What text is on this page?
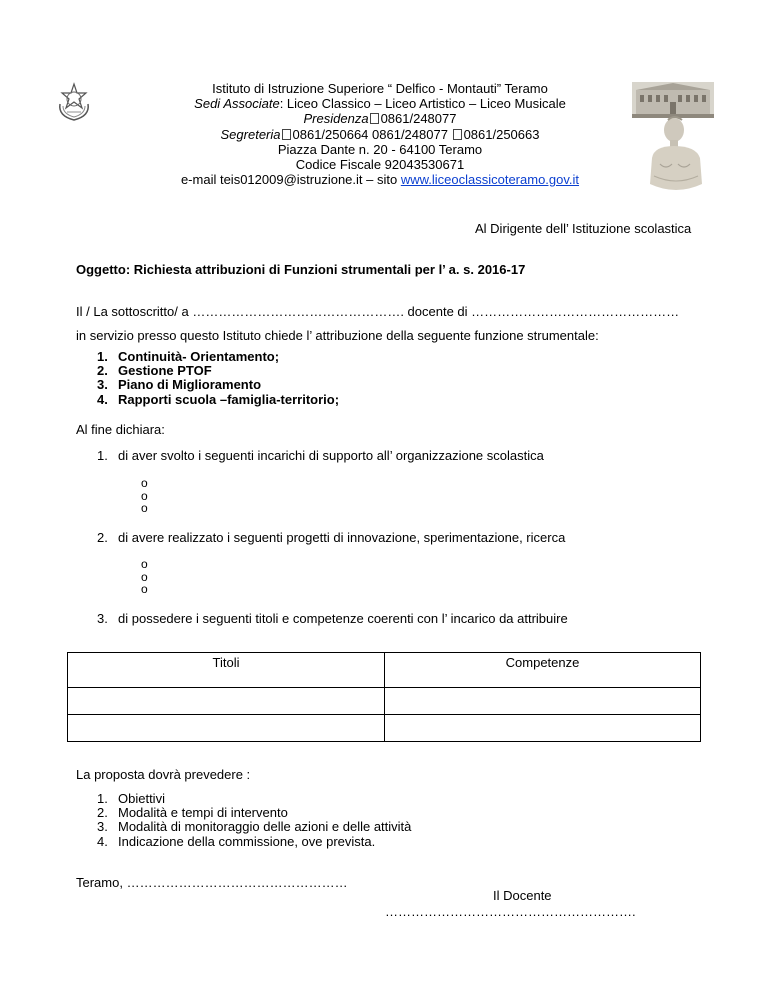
Istituto di Istruzione Superiore “ Delfico - Montauti” Teramo
Sedi Associate: Liceo Classico – Liceo Artistico – Liceo Musicale
Presidenza 0861/248077
Segreteria 0861/250664 0861/248077 0861/250663
Piazza Dante n. 20 - 64100 Teramo
Codice Fiscale 92043530671
e-mail teis012009@istruzione.it – sito www.liceoclassicoteramo.gov.it
Al Dirigente dell’ Istituzione scolastica
Oggetto: Richiesta attribuzioni di Funzioni strumentali per l’ a. s. 2016-17
Il / La sottoscritto/ a …………………………………………. docente di …………………………………………
in servizio presso questo Istituto chiede l’ attribuzione della seguente funzione strumentale:
1. Continuità- Orientamento;
2. Gestione PTOF
3. Piano di Miglioramento
4. Rapporti scuola –famiglia-territorio;
Al fine dichiara:
1. di aver svolto i seguenti incarichi di supporto all’ organizzazione scolastica
o
o
o
2. di avere realizzato i seguenti progetti di innovazione, sperimentazione, ricerca
o
o
o
3. di possedere i seguenti titoli e competenze coerenti con l’ incarico da attribuire
Titoli	Competenze

La proposta dovrà prevedere :
1. Obiettivi
2. Modalità e tempi di intervento
3. Modalità di monitoraggio delle azioni e delle attività
4. Indicazione della commissione, ove prevista.
Teramo, ……………………………………………
Il Docente
………………………………………………….
